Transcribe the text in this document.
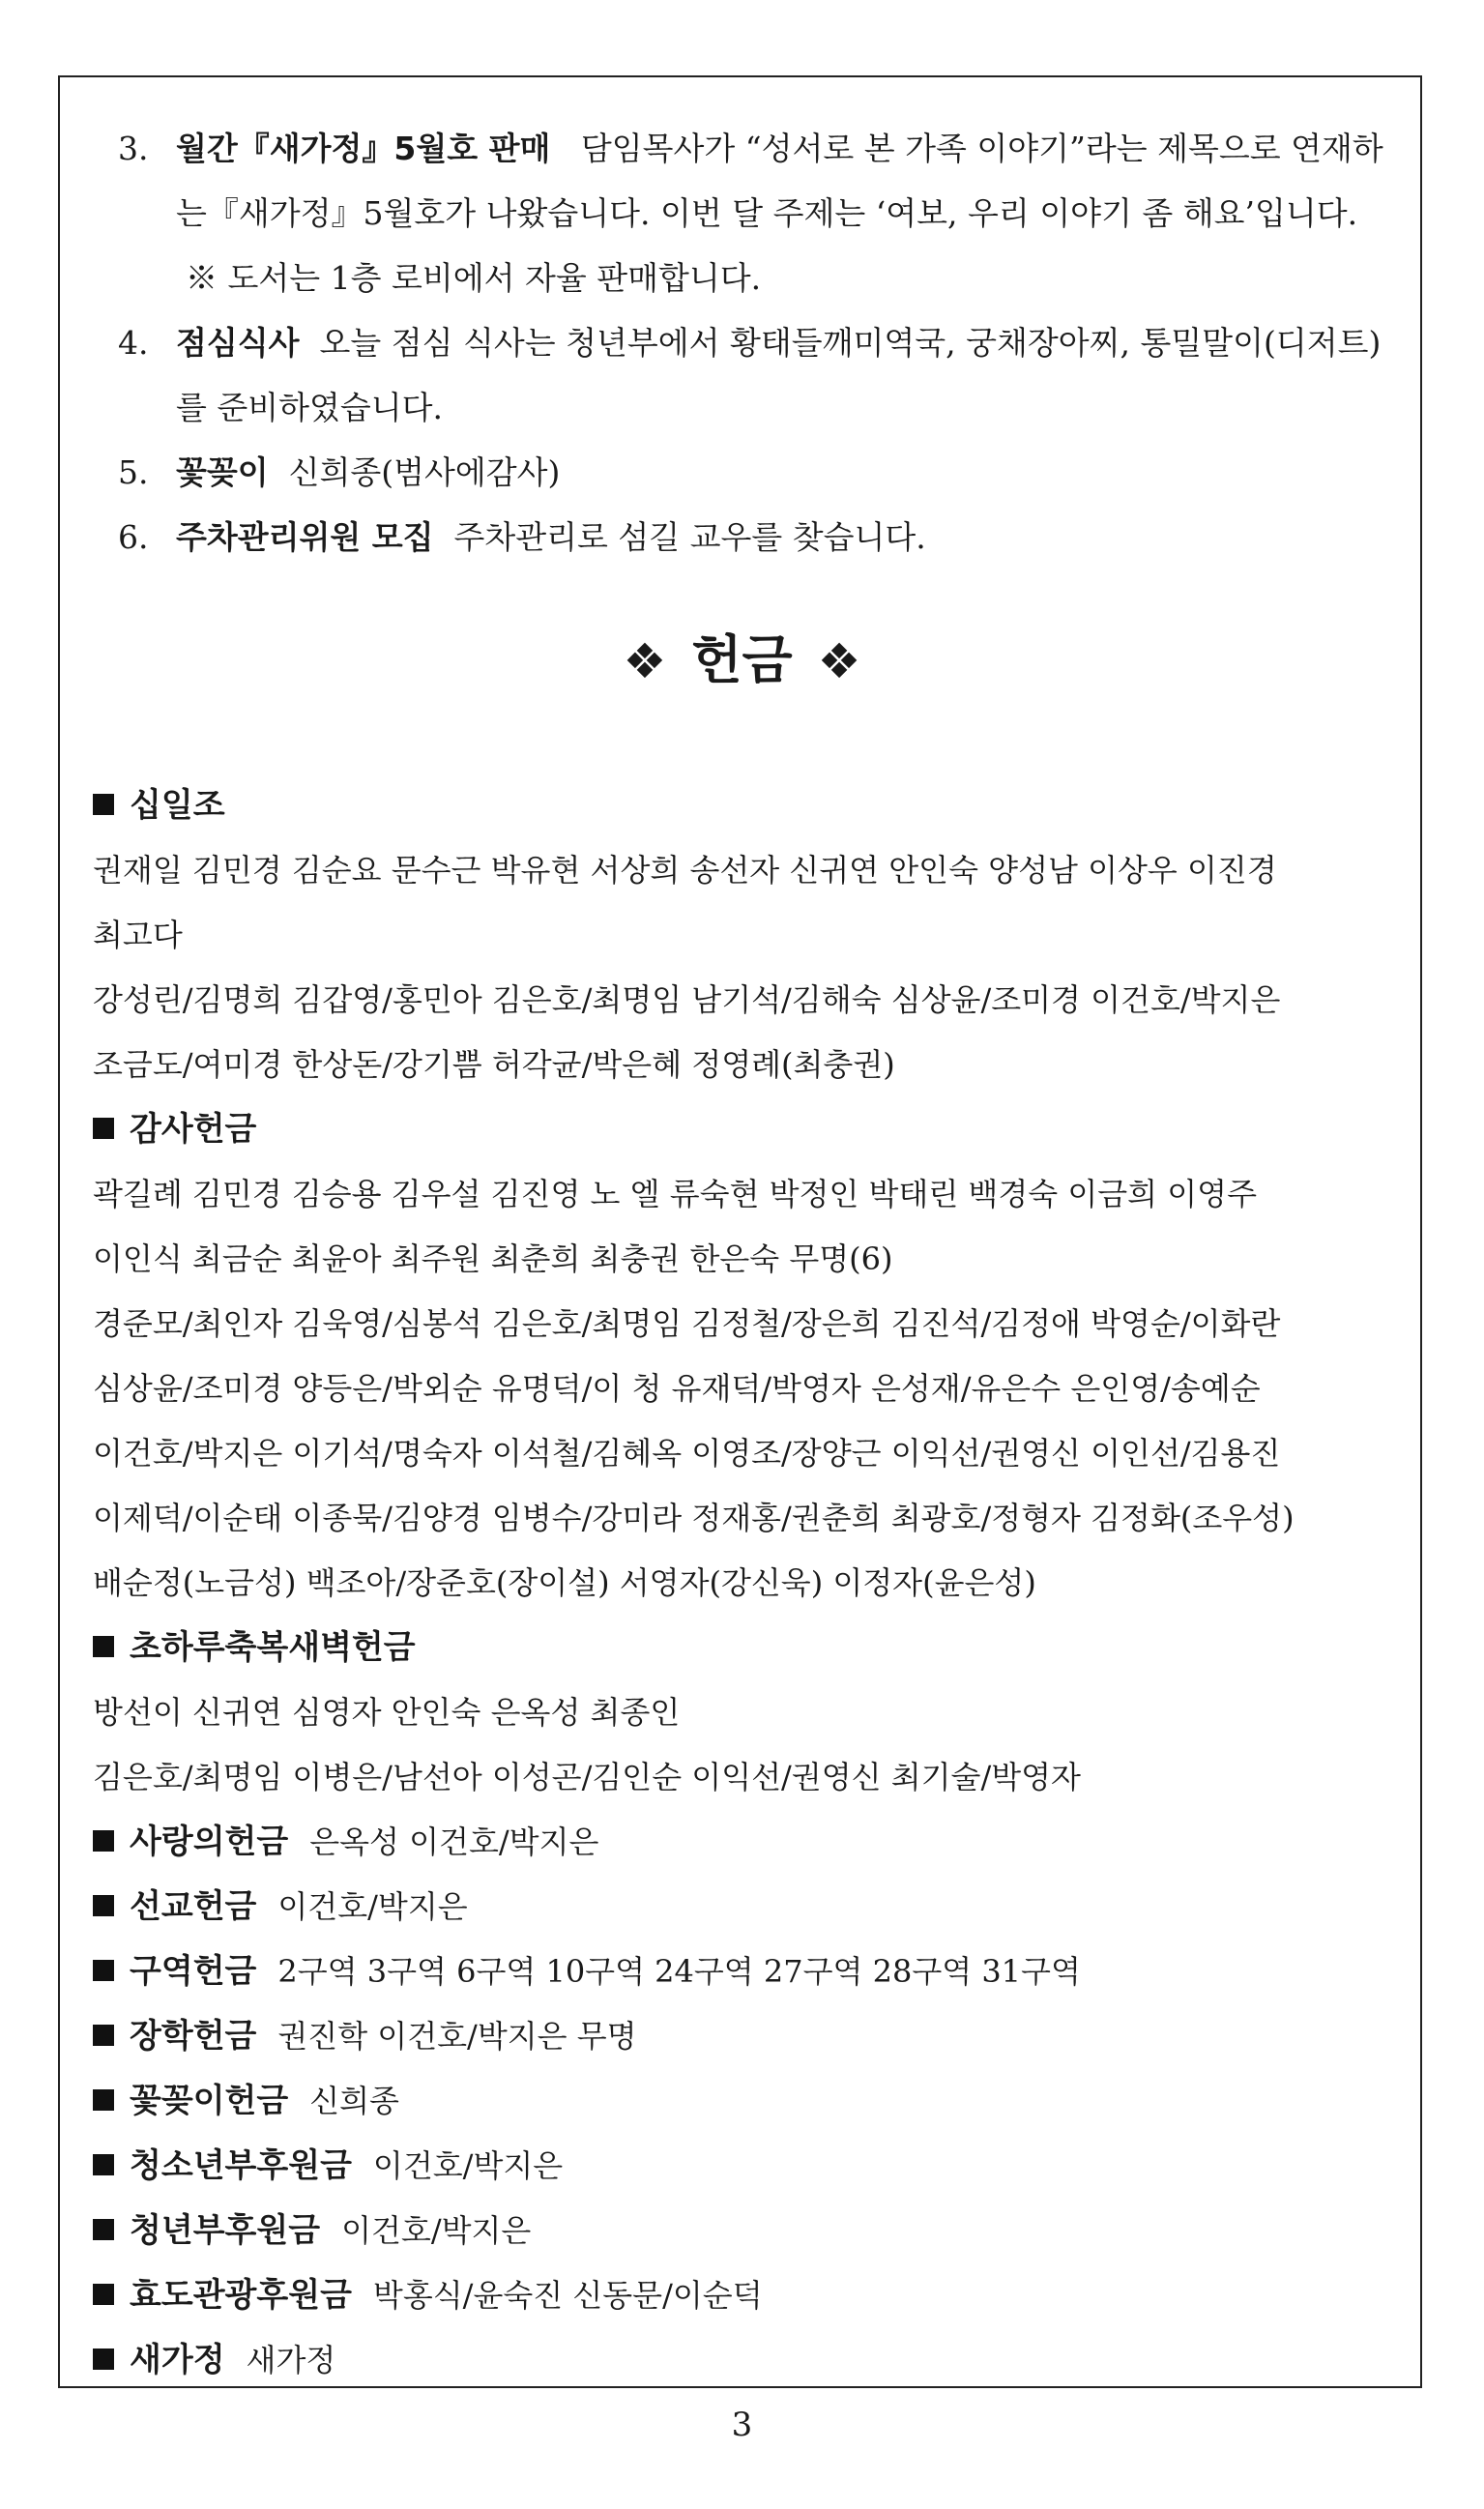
3. 월간『새가정』5월호 판매 담임목사가 “성서로 본 가족 이야기”라는 제목으로 연재하
는『새가정』5월호가 나왔습니다. 이번 달 주제는 ‘여보, 우리 이야기 좀 해요’입니다.
※ 도서는 1층 로비에서 자율 판매합니다.
4. 점심식사 오늘 점심 식사는 청년부에서 황태들깨미역국, 궁채장아찌, 통밀말이(디저트)
를 준비하였습니다.
5. 꽃꽂이 신희종(범사에감사)
6. 주차관리위원 모집 주차관리로 섬길 교우를 찾습니다.
❖ 헌금 ❖
십일조
권재일 김민경 김순요 문수근 박유현 서상희 송선자 신귀연 안인숙 양성남 이상우 이진경
최고다
강성린/김명희 김갑영/홍민아 김은호/최명임 남기석/김해숙 심상윤/조미경 이건호/박지은
조금도/여미경 한상돈/강기쁨 허각균/박은혜 정영례(최충권)
감사헌금
곽길례 김민경 김승용 김우설 김진영 노 엘 류숙현 박정인 박태린 백경숙 이금희 이영주
이인식 최금순 최윤아 최주원 최춘희 최충권 한은숙 무명(6)
경준모/최인자 김욱영/심봉석 김은호/최명임 김정철/장은희 김진석/김정애 박영순/이화란
심상윤/조미경 양등은/박외순 유명덕/이 청 유재덕/박영자 은성재/유은수 은인영/송예순
이건호/박지은 이기석/명숙자 이석철/김혜옥 이영조/장양근 이익선/권영신 이인선/김용진
이제덕/이순태 이종묵/김양경 임병수/강미라 정재홍/권춘희 최광호/정형자 김정화(조우성)
배순정(노금성) 백조아/장준호(장이설) 서영자(강신욱) 이정자(윤은성)
초하루축복새벽헌금
방선이 신귀연 심영자 안인숙 은옥성 최종인
김은호/최명임 이병은/남선아 이성곤/김인순 이익선/권영신 최기술/박영자
사랑의헌금 은옥성 이건호/박지은
선교헌금 이건호/박지은
구역헌금 2구역 3구역 6구역 10구역 24구역 27구역 28구역 31구역
장학헌금 권진학 이건호/박지은 무명
꽃꽂이헌금 신희종
청소년부후원금 이건호/박지은
청년부후원금 이건호/박지은
효도관광후원금 박홍식/윤숙진 신동문/이순덕
새가정 새가정
3
